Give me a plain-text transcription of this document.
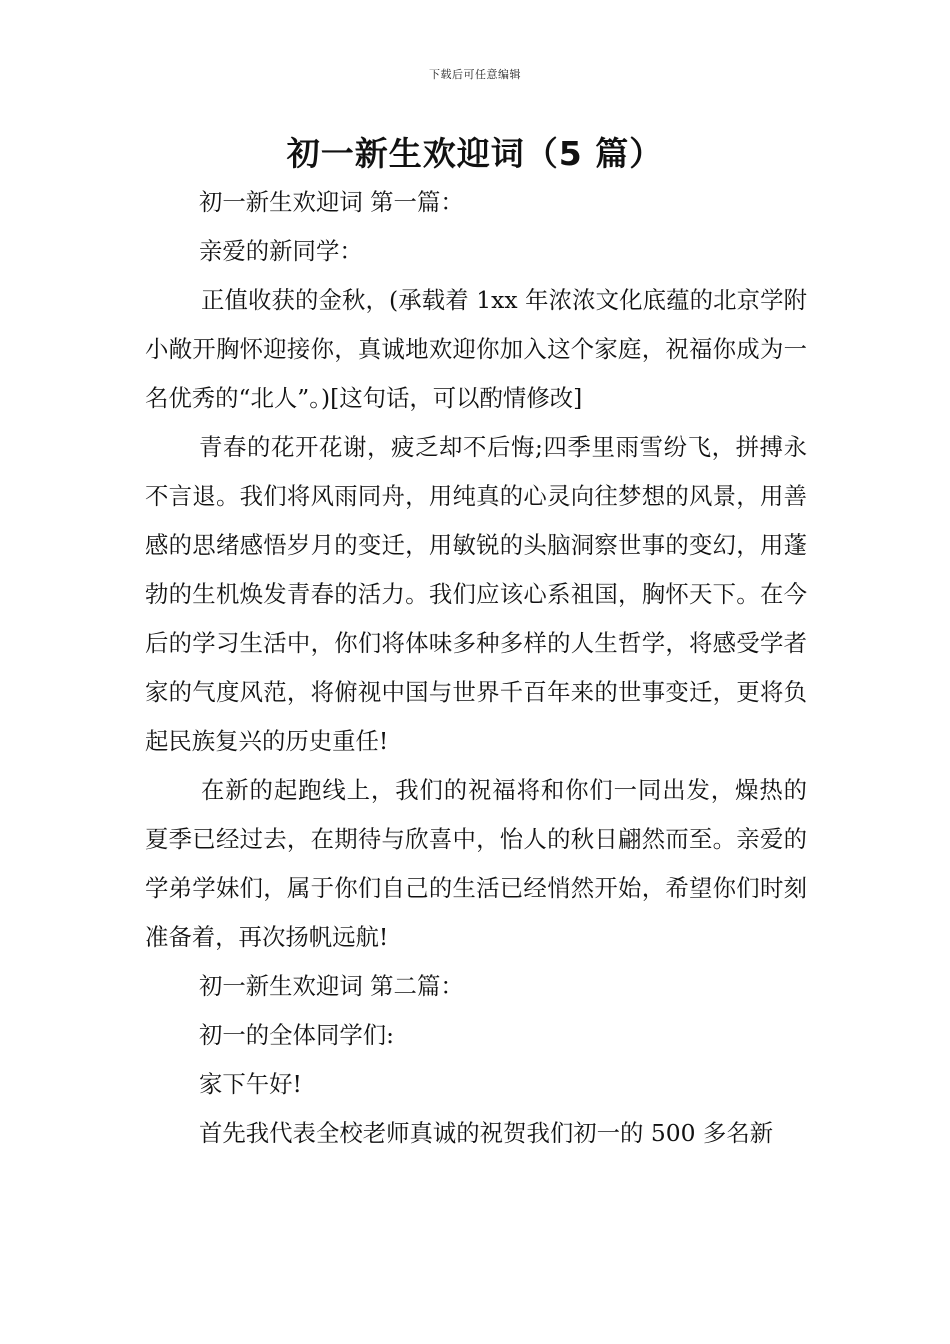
下载后可任意编辑
初一新生欢迎词（5 篇）

初一新生欢迎词 第一篇：

亲爱的新同学：

正值收获的金秋，(承载着 1xx 年浓浓文化底蕴的北京学附小敞开胸怀迎接你，真诚地欢迎你加入这个家庭，祝福你成为一名优秀的“北人”。)[这句话，可以酌情修改]

青春的花开花谢，疲乏却不后悔;四季里雨雪纷飞，拼搏永不言退。我们将风雨同舟，用纯真的心灵向往梦想的风景，用善感的思绪感悟岁月的变迁，用敏锐的头脑洞察世事的变幻，用蓬勃的生机焕发青春的活力。我们应该心系祖国，胸怀天下。在今后的学习生活中，你们将体味多种多样的人生哲学，将感受学者家的气度风范，将俯视中国与世界千百年来的世事变迁，更将负起民族复兴的历史重任!

在新的起跑线上，我们的祝福将和你们一同出发，燥热的夏季已经过去，在期待与欣喜中，怡人的秋日翩然而至。亲爱的学弟学妹们，属于你们自己的生活已经悄然开始，希望你们时刻准备着，再次扬帆远航!

初一新生欢迎词 第二篇：

初一的全体同学们:

家下午好!

首先我代表全校老师真诚的祝贺我们初一的 500 多名新
